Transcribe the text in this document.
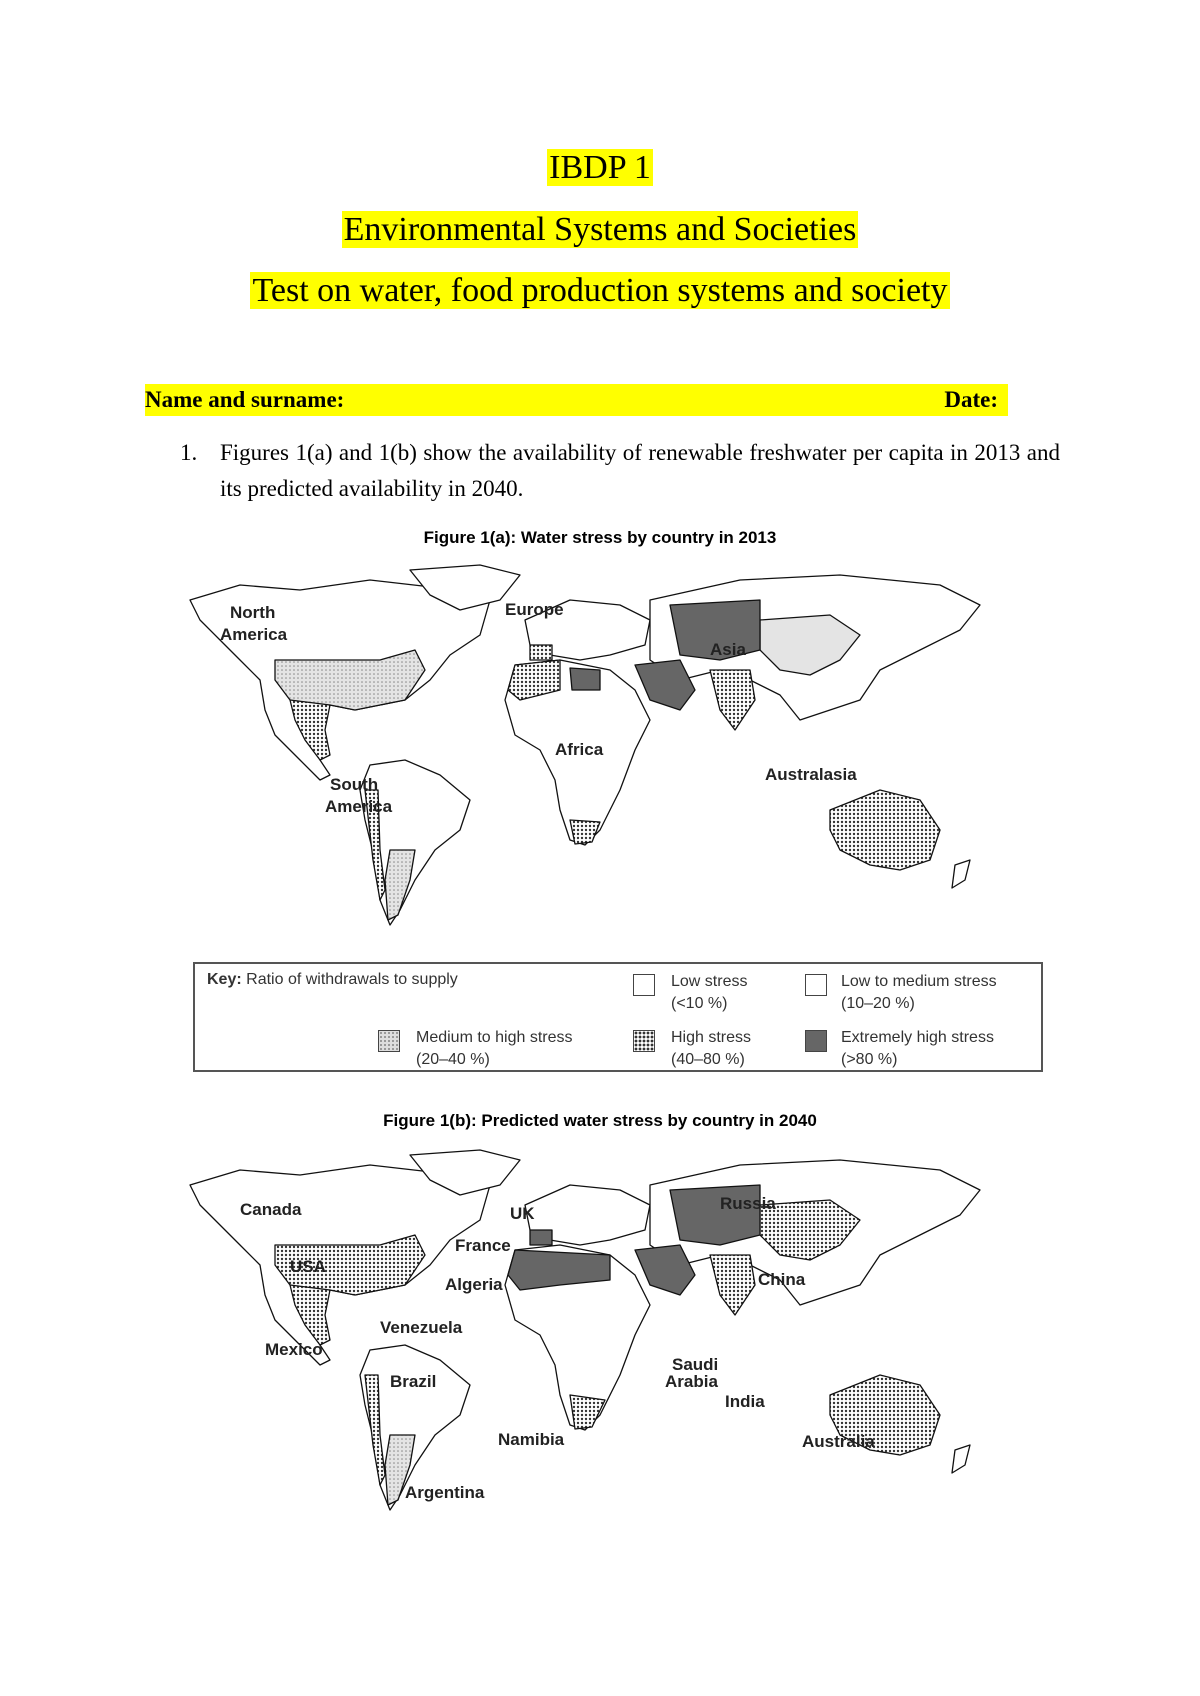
IBDP 1
Environmental Systems and Societies
Test on water, food production systems and society
Name and surname:	Date:
1. Figures 1(a) and 1(b) show the availability of renewable freshwater per capita in 2013 and its predicted availability in 2040.
Figure 1(a): Water stress by country in 2013
North
America
South
America
Europe
Africa
Asia
Australasia
Key: Ratio of withdrawals to supply	Low stress
(<10 %)
Low to medium stress
(10–20 %)
Medium to high stress
(20–40 %)
High stress
(40–80 %)
Extremely high stress
(>80 %)
Figure 1(b): Predicted water stress by country in 2040
Canada
USA
Mexico
Venezuela
Brazil
Argentina
UK
France
Algeria
Russia
China
Saudi
Arabia
India
Namibia	Australia
